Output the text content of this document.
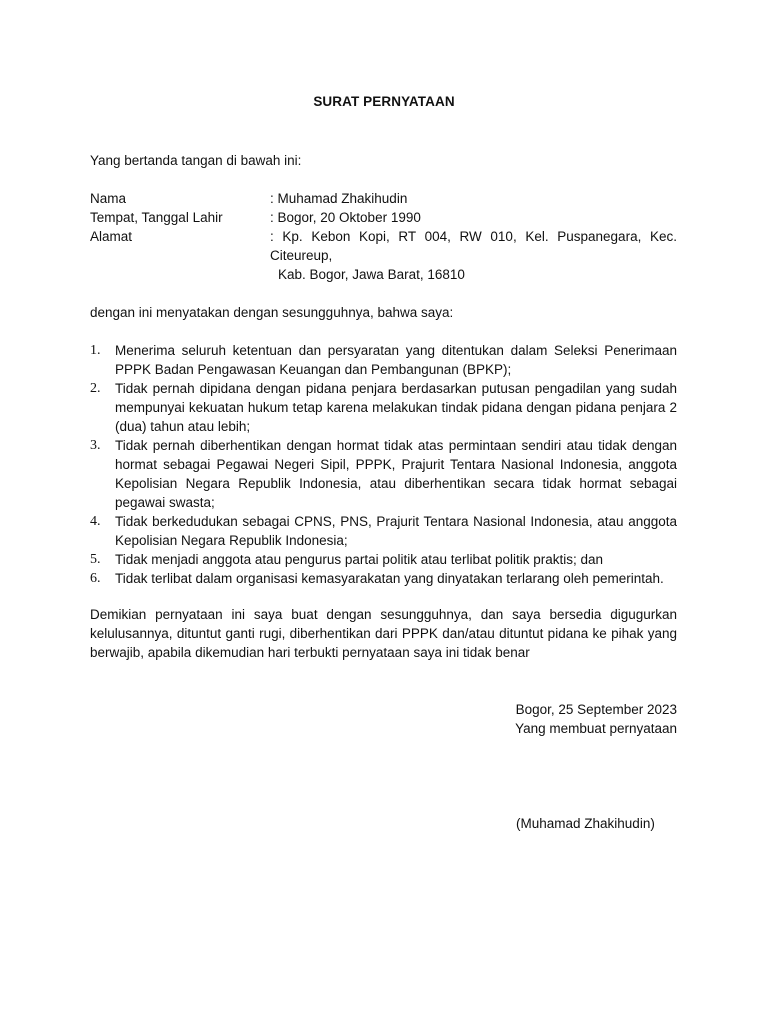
SURAT PERNYATAAN
Yang bertanda tangan di bawah ini:
Nama	: Muhamad Zhakihudin
Tempat, Tanggal Lahir	: Bogor, 20 Oktober 1990
Alamat	: Kp. Kebon Kopi, RT 004, RW 010, Kel. Puspanegara, Kec. Citeureup,
Kab. Bogor, Jawa Barat, 16810
dengan ini menyatakan dengan sesungguhnya, bahwa saya:
1.	Menerima seluruh ketentuan dan persyaratan yang ditentukan dalam Seleksi Penerimaan PPPK Badan Pengawasan Keuangan dan Pembangunan (BPKP);
2.	Tidak pernah dipidana dengan pidana penjara berdasarkan putusan pengadilan yang sudah mempunyai kekuatan hukum tetap karena melakukan tindak pidana dengan pidana penjara 2 (dua) tahun atau lebih;
3.	Tidak pernah diberhentikan dengan hormat tidak atas permintaan sendiri atau tidak dengan hormat sebagai Pegawai Negeri Sipil, PPPK, Prajurit Tentara Nasional Indonesia, anggota Kepolisian Negara Republik Indonesia, atau diberhentikan secara tidak hormat sebagai pegawai swasta;
4.	Tidak berkedudukan sebagai CPNS, PNS, Prajurit Tentara Nasional Indonesia, atau anggota Kepolisian Negara Republik Indonesia;
5.	Tidak menjadi anggota atau pengurus partai politik atau terlibat politik praktis; dan
6.	Tidak terlibat dalam organisasi kemasyarakatan yang dinyatakan terlarang oleh pemerintah.
Demikian pernyataan ini saya buat dengan sesungguhnya, dan saya bersedia digugurkan kelulusannya, dituntut ganti rugi, diberhentikan dari PPPK dan/atau dituntut pidana ke pihak yang berwajib, apabila dikemudian hari terbukti pernyataan saya ini tidak benar
Bogor, 25 September 2023
Yang membuat pernyataan
(Muhamad Zhakihudin)
